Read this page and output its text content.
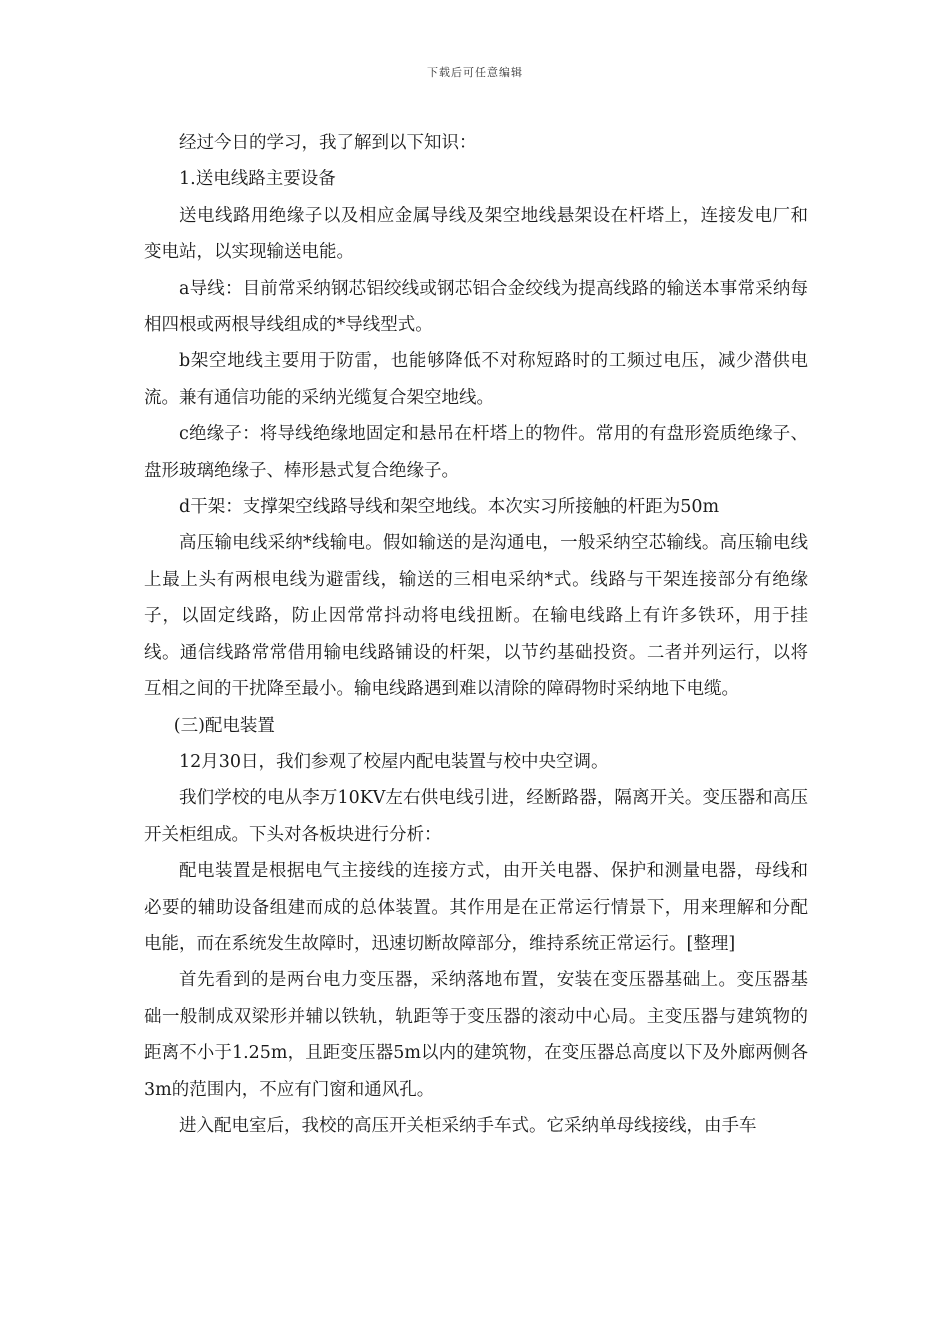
下载后可任意编辑

经过今日的学习，我了解到以下知识：

1.送电线路主要设备

送电线路用绝缘子以及相应金属导线及架空地线悬架设在杆塔上，连接发电厂和变电站，以实现输送电能。

a导线：目前常采纳钢芯铝绞线或钢芯铝合金绞线为提高线路的输送本事常采纳每相四根或两根导线组成的*导线型式。

b架空地线主要用于防雷，也能够降低不对称短路时的工频过电压，减少潜供电流。兼有通信功能的采纳光缆复合架空地线。

c绝缘子：将导线绝缘地固定和悬吊在杆塔上的物件。常用的有盘形瓷质绝缘子、盘形玻璃绝缘子、棒形悬式复合绝缘子。

d干架：支撑架空线路导线和架空地线。本次实习所接触的杆距为50m

高压输电线采纳*线输电。假如输送的是沟通电，一般采纳空芯输线。高压输电线上最上头有两根电线为避雷线，输送的三相电采纳*式。线路与干架连接部分有绝缘子，以固定线路，防止因常常抖动将电线扭断。在输电线路上有许多铁环，用于挂线。通信线路常常借用输电线路铺设的杆架，以节约基础投资。二者并列运行，以将互相之间的干扰降至最小。输电线路遇到难以清除的障碍物时采纳地下电缆。

(三)配电装置

12月30日，我们参观了校屋内配电装置与校中央空调。

我们学校的电从李万10KV左右供电线引进，经断路器，隔离开关。变压器和高压开关柜组成。下头对各板块进行分析：

配电装置是根据电气主接线的连接方式，由开关电器、保护和测量电器，母线和必要的辅助设备组建而成的总体装置。其作用是在正常运行情景下，用来理解和分配电能，而在系统发生故障时，迅速切断故障部分，维持系统正常运行。[整理]

首先看到的是两台电力变压器，采纳落地布置，安装在变压器基础上。变压器基础一般制成双梁形并辅以铁轨，轨距等于变压器的滚动中心局。主变压器与建筑物的距离不小于1.25m，且距变压器5m以内的建筑物，在变压器总高度以下及外廊两侧各3m的范围内，不应有门窗和通风孔。

进入配电室后，我校的高压开关柜采纳手车式。它采纳单母线接线，由手车
